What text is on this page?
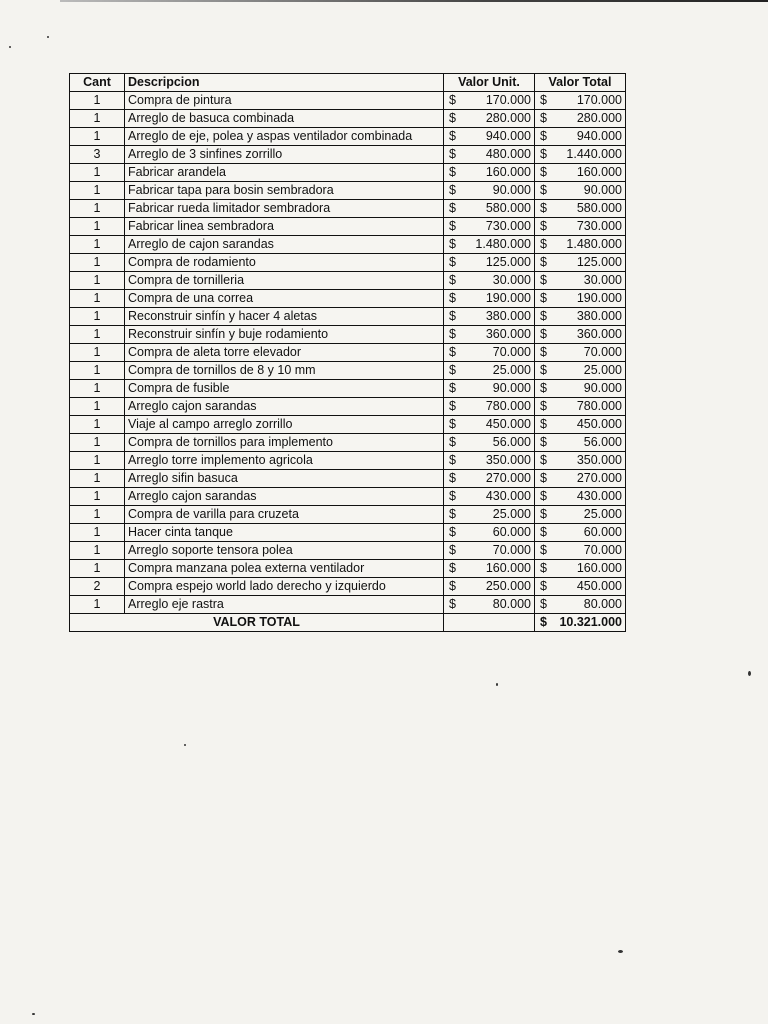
Cant	Descripcion	Valor Unit.	Valor Total
1	Compra de pintura	$ 170.000	$ 170.000
1	Arreglo de basuca combinada	$ 280.000	$ 280.000
1	Arreglo de eje, polea y aspas ventilador combinada	$ 940.000	$ 940.000
3	Arreglo de 3 sinfines zorrillo	$ 480.000	$ 1.440.000
1	Fabricar arandela	$ 160.000	$ 160.000
1	Fabricar tapa para bosin sembradora	$ 90.000	$ 90.000
1	Fabricar rueda limitador sembradora	$ 580.000	$ 580.000
1	Fabricar linea sembradora	$ 730.000	$ 730.000
1	Arreglo de cajon sarandas	$ 1.480.000	$ 1.480.000
1	Compra de rodamiento	$ 125.000	$ 125.000
1	Compra de tornilleria	$ 30.000	$ 30.000
1	Compra de una correa	$ 190.000	$ 190.000
1	Reconstruir sinfín y hacer 4 aletas	$ 380.000	$ 380.000
1	Reconstruir sinfín y buje rodamiento	$ 360.000	$ 360.000
1	Compra de aleta torre elevador	$ 70.000	$ 70.000
1	Compra de tornillos de 8 y 10 mm	$ 25.000	$ 25.000
1	Compra de fusible	$ 90.000	$ 90.000
1	Arreglo cajon sarandas	$ 780.000	$ 780.000
1	Viaje al campo arreglo zorrillo	$ 450.000	$ 450.000
1	Compra de tornillos para implemento	$ 56.000	$ 56.000
1	Arreglo torre implemento agricola	$ 350.000	$ 350.000
1	Arreglo sifin basuca	$ 270.000	$ 270.000
1	Arreglo cajon sarandas	$ 430.000	$ 430.000
1	Compra de varilla para cruzeta	$ 25.000	$ 25.000
1	Hacer cinta tanque	$ 60.000	$ 60.000
1	Arreglo soporte tensora polea	$ 70.000	$ 70.000
1	Compra manzana polea externa ventilador	$ 160.000	$ 160.000
2	Compra espejo world lado derecho y izquierdo	$ 250.000	$ 450.000
1	Arreglo eje rastra	$ 80.000	$ 80.000
VALOR TOTAL			$ 10.321.000
